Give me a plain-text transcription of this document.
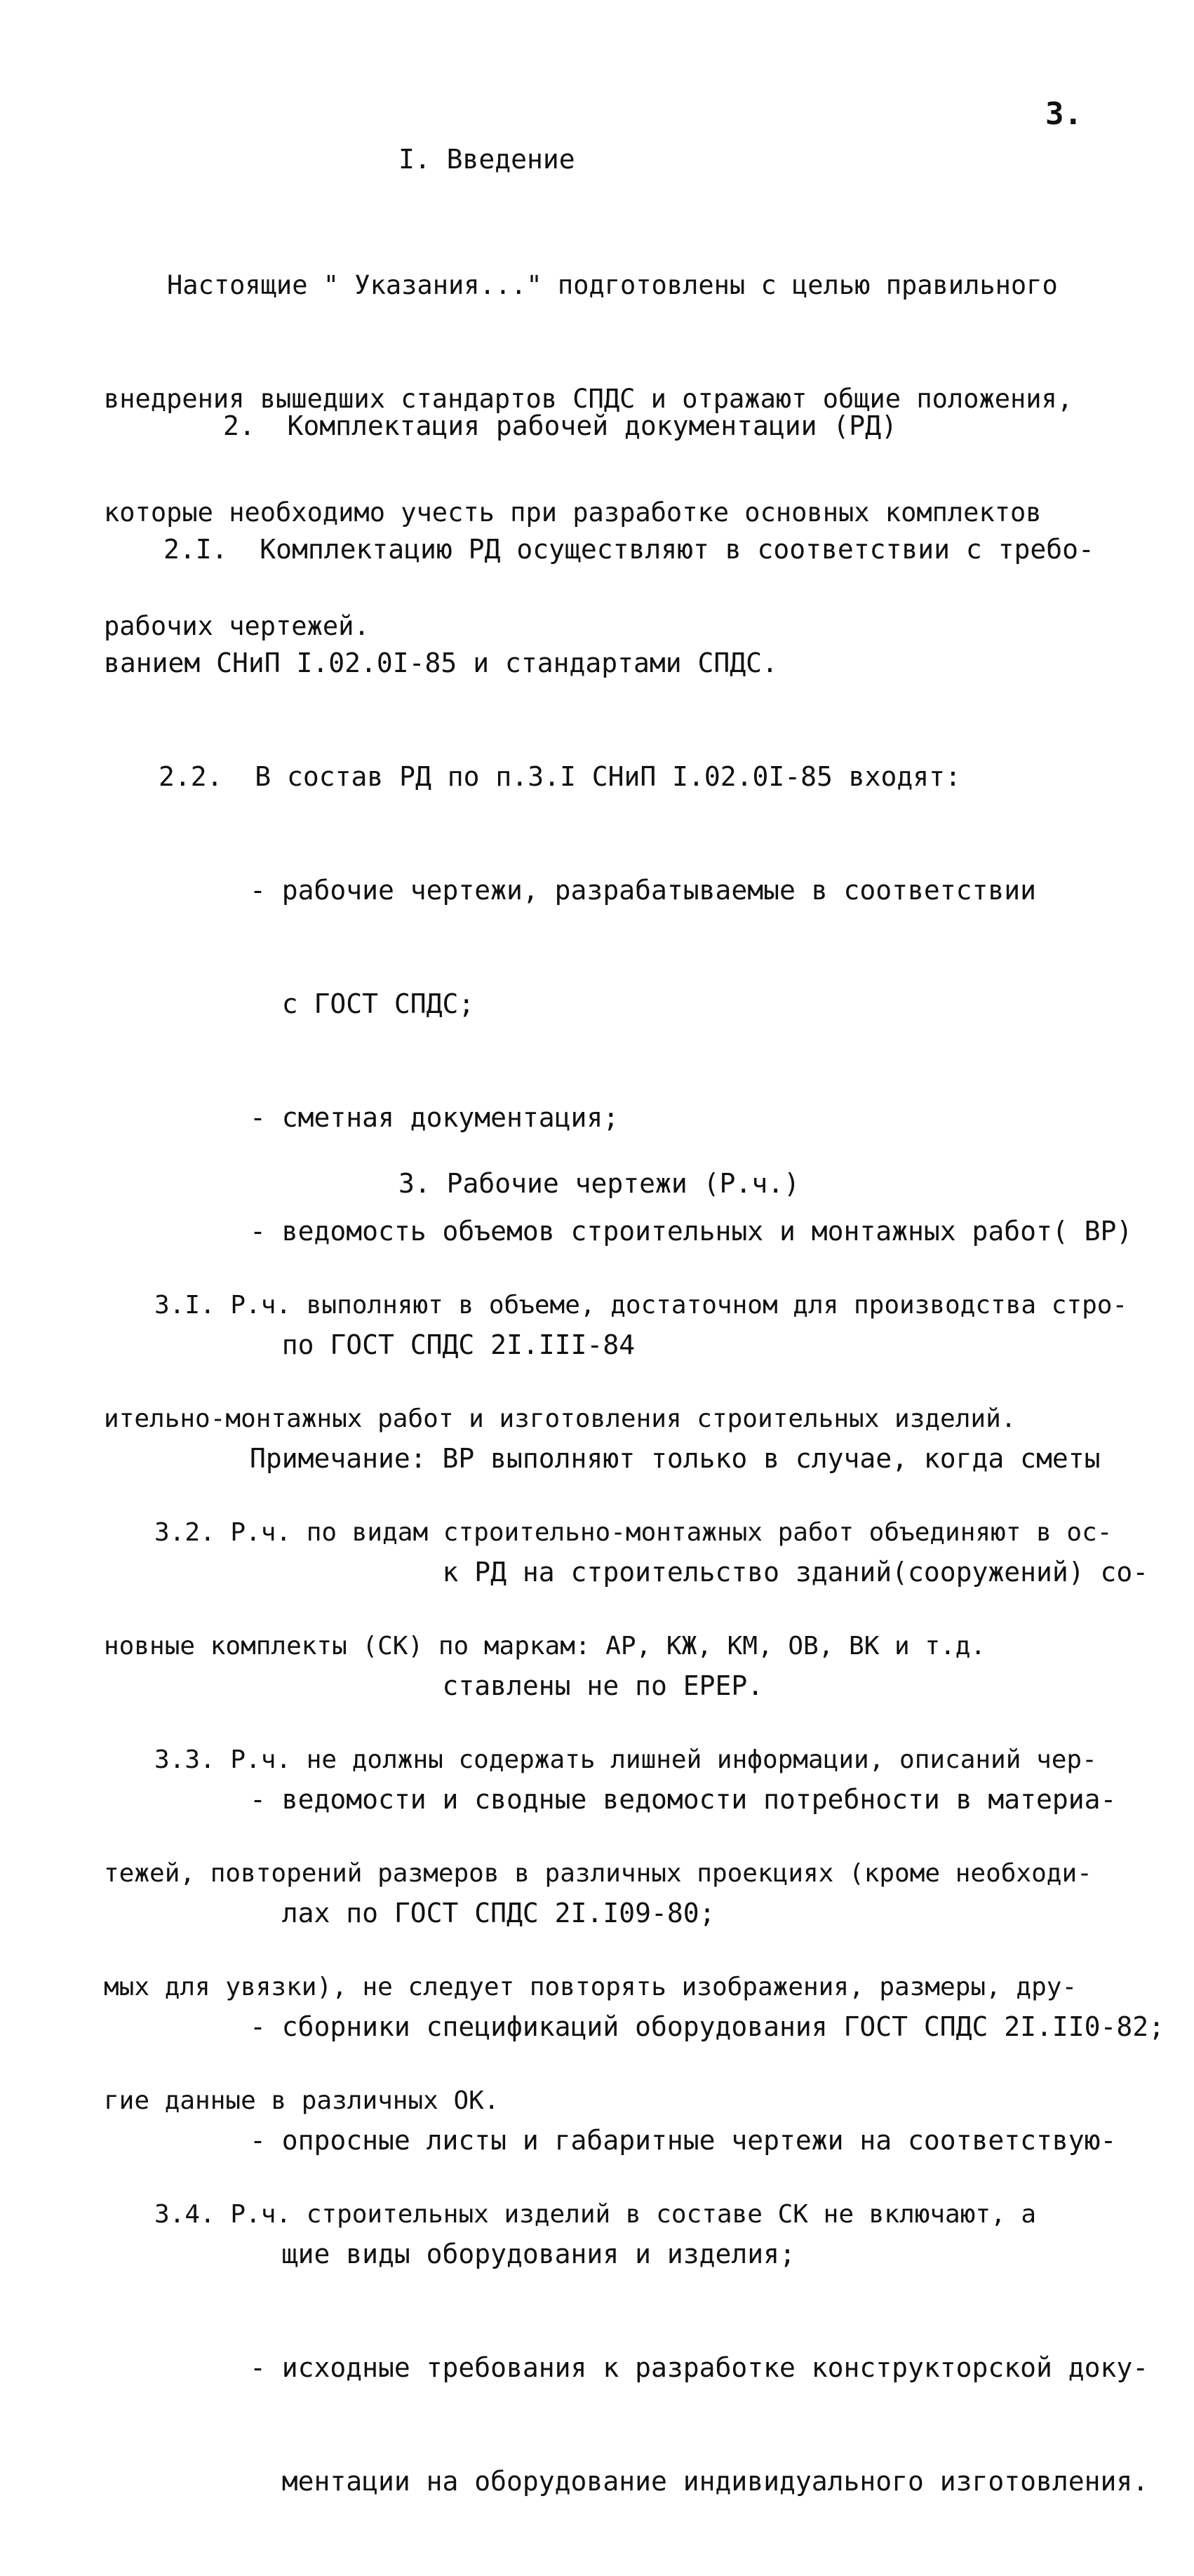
3.
I. Введение

Настоящие " Указания..." подготовлены с целью правильного

внедрения вышедших стандартов СПДС и отражают общие положения,

которые необходимо учесть при разработке основных комплектов

рабочих чертежей.

2.  Комплектация рабочей документации (РД)

2.I.  Комплектацию РД осуществляют в соответствии с требо-

ванием СНиП I.02.0I-85 и стандартами СПДС.

2.2.  В состав РД по п.3.I СНиП I.02.0I-85 входят:

- рабочие чертежи, разрабатываемые в соответствии

с ГОСТ СПДС;

- сметная документация;

- ведомость объемов строительных и монтажных работ( ВР)

по ГОСТ СПДС 2I.III-84

Примечание: ВР выполняют только в случае, когда сметы

к РД на строительство зданий(сооружений) со-

ставлены не по ЕРЕР.

- ведомости и сводные ведомости потребности в материа-

лах по ГОСТ СПДС 2I.I09-80;

- сборники спецификаций оборудования ГОСТ СПДС 2I.II0-82;

- опросные листы и габаритные чертежи на соответствую-

щие виды оборудования и изделия;

- исходные требования к разработке конструкторской доку-

ментации на оборудование индивидуального изготовления.

3. Рабочие чертежи (Р.ч.)

3.I. Р.ч. выполняют в объеме, достаточном для производства стро-

ительно-монтажных работ и изготовления строительных изделий.

3.2. Р.ч. по видам строительно-монтажных работ объединяют в ос-

новные комплекты (СК) по маркам: АР, КЖ, КМ, ОВ, ВК и т.д.

3.3. Р.ч. не должны содержать лишней информации, описаний чер-

тежей, повторений размеров в различных проекциях (кроме необходи-

мых для увязки), не следует повторять изображения, размеры, дру-

гие данные в различных ОК.

3.4. Р.ч. строительных изделий в составе СК не включают, а
